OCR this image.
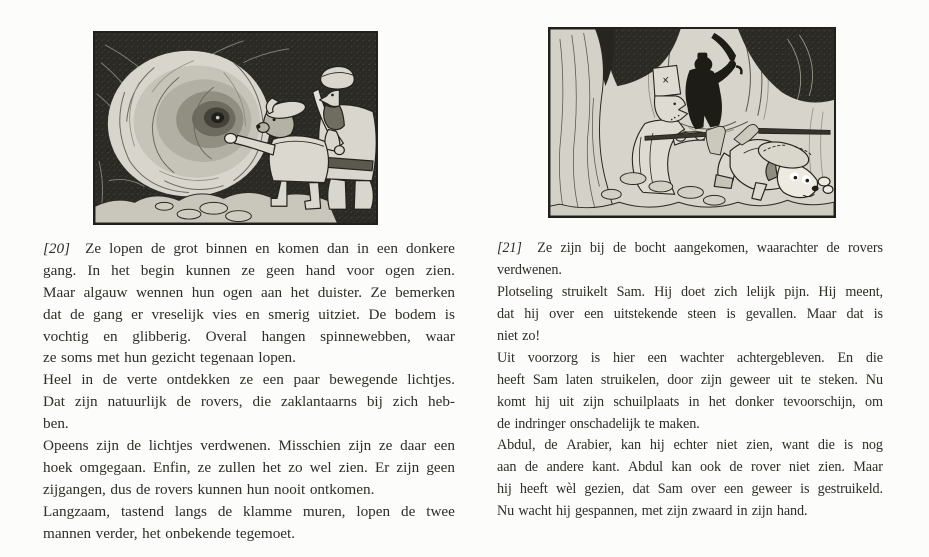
[20] Ze lopen de grot binnen en komen dan in een donkere
gang. In het begin kunnen ze geen hand voor ogen zien.
Maar algauw wennen hun ogen aan het duister. Ze bemerken
dat de gang er vreselijk vies en smerig uitziet. De bodem is
vochtig en glibberig. Overal hangen spinnewebben, waar
ze soms met hun gezicht tegenaan lopen.
Heel in de verte ontdekken ze een paar bewegende lichtjes.
Dat zijn natuurlijk de rovers, die zaklantaarns bij zich heb-
ben.
Opeens zijn de lichtjes verdwenen. Misschien zijn ze daar een
hoek omgegaan. Enfin, ze zullen het zo wel zien. Er zijn geen
zijgangen, dus de rovers kunnen hun nooit ontkomen.
Langzaam, tastend langs de klamme muren, lopen de twee
mannen verder, het onbekende tegemoet.
[21] Ze zijn bij de bocht aangekomen, waarachter de rovers
verdwenen.
Plotseling struikelt Sam. Hij doet zich lelijk pijn. Hij meent,
dat hij over een uitstekende steen is gevallen. Maar dat is
niet zo!
Uit voorzorg is hier een wachter achtergebleven. En die
heeft Sam laten struikelen, door zijn geweer uit te steken. Nu
komt hij uit zijn schuilplaats in het donker tevoorschijn, om
de indringer onschadelijk te maken.
Abdul, de Arabier, kan hij echter niet zien, want die is nog
aan de andere kant. Abdul kan ook de rover niet zien. Maar
hij heeft wèl gezien, dat Sam over een geweer is gestruikeld.
Nu wacht hij gespannen, met zijn zwaard in zijn hand.
